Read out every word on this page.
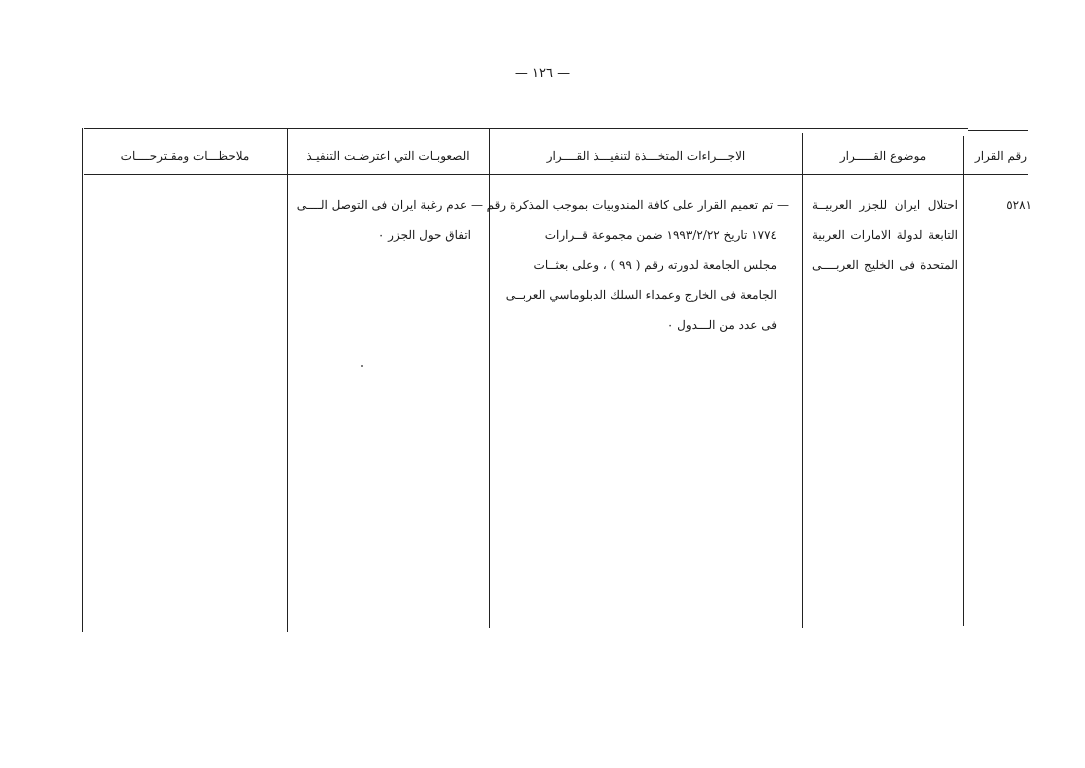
— ١٢٦ —
رقم القرار
موضوع القـــــرار
الاجـــراءات المتخـــذة لتنفيـــذ القــــرار
الصعوبـات التي اعترضـت التنفيـذ
ملاحظـــات ومقـترحــــات

٥٢٨١

احتلال ايران للجزر العربيــة

التابعة لدولة الامارات العربية

المتحدة فى الخليج العربــــى

— تم تعميم القرار على كافة المندوبيات بموجب المذكرة رقم

١٧٧٤ تاريخ ١٩٩٣/٢/٢٢ ضمن مجموعة قــرارات

مجلس الجامعة لدورته رقم ( ٩٩ ) ، وعلى بعثــات

الجامعة فى الخارج وعمداء السلك الدبلوماسي العربــى

فى عدد من الـــدول ٠

— عدم رغبة ايران فى التوصل الــــى

اتفاق حول الجزر ٠
